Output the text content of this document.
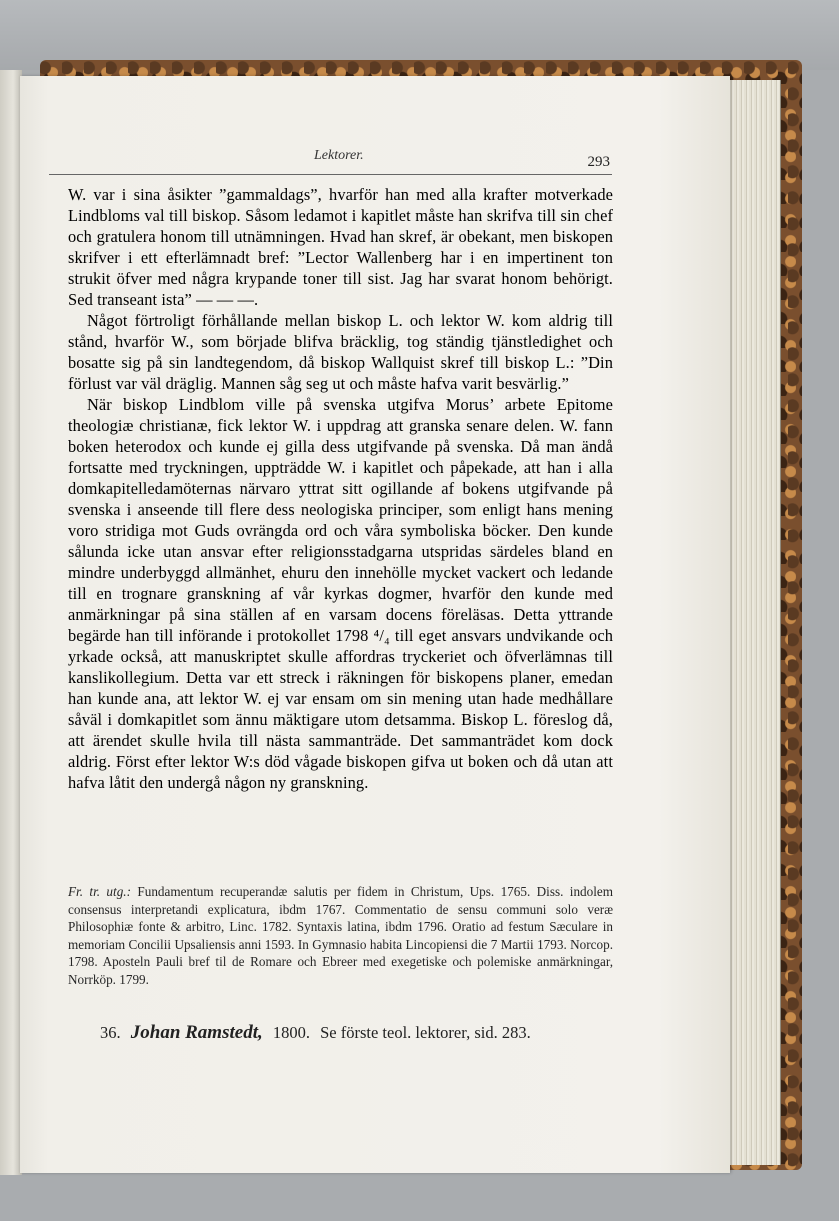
Lektorer.	293

W. var i sina åsikter ”gammaldags”, hvarför han med alla krafter motverkade Lindbloms val till biskop. Såsom ledamot i kapitlet måste han skrifva till sin chef och gratulera honom till utnämningen. Hvad han skref, är obekant, men biskopen skrifver i ett efterlämnadt bref: ”Lector Wallenberg har i en impertinent ton strukit öfver med några krypande toner till sist. Jag har svarat honom behörigt. Sed transeant ista” — — —.

Något förtroligt förhållande mellan biskop L. och lektor W. kom aldrig till stånd, hvarför W., som började blifva bräcklig, tog ständig tjänstledighet och bosatte sig på sin landtegendom, då biskop Wallquist skref till biskop L.: ”Din förlust var väl dräglig. Mannen såg seg ut och måste hafva varit besvärlig.”

När biskop Lindblom ville på svenska utgifva Morus’ arbete Epitome theologiæ christianæ, fick lektor W. i uppdrag att granska senare delen. W. fann boken heterodox och kunde ej gilla dess utgifvande på svenska. Då man ändå fortsatte med tryckningen, uppträdde W. i kapitlet och påpekade, att han i alla domkapitelledamöternas närvaro yttrat sitt ogillande af bokens utgifvande på svenska i anseende till flere dess neologiska principer, som enligt hans mening voro stridiga mot Guds ovrängda ord och våra symboliska böcker. Den kunde sålunda icke utan ansvar efter religionsstadgarna utspridas särdeles bland en mindre underbyggd allmänhet, ehuru den innehölle mycket vackert och ledande till en trognare granskning af vår kyrkas dogmer, hvarför den kunde med anmärkningar på sina ställen af en varsam docens föreläsas. Detta yttrande begärde han till införande i protokollet 1798 ⁴/₄ till eget ansvars undvikande och yrkade också, att manuskriptet skulle affordras tryckeriet och öfverlämnas till kanslikollegium. Detta var ett streck i räkningen för biskopens planer, emedan han kunde ana, att lektor W. ej var ensam om sin mening utan hade medhållare såväl i domkapitlet som ännu mäktigare utom detsamma. Biskop L. föreslog då, att ärendet skulle hvila till nästa sammanträde. Det sammanträdet kom dock aldrig. Först efter lektor W:s död vågade biskopen gifva ut boken och då utan att hafva låtit den undergå någon ny granskning.

Fr. tr. utg.: Fundamentum recuperandæ salutis per fidem in Christum, Ups. 1765. Diss. indolem consensus interpretandi explicatura, ibdm 1767. Commentatio de sensu communi solo veræ Philosophiæ fonte & arbitro, Linc. 1782. Syntaxis latina, ibdm 1796. Oratio ad festum Sæculare in memoriam Concilii Upsaliensis anni 1593. In Gymnasio habita Lincopiensi die 7 Martii 1793. Norcop. 1798. Aposteln Pauli bref til de Romare och Ebreer med exegetiske och polemiske anmärkningar, Norrköp. 1799.
36. Johan Ramstedt, 1800. Se förste teol. lektorer, sid. 283.
